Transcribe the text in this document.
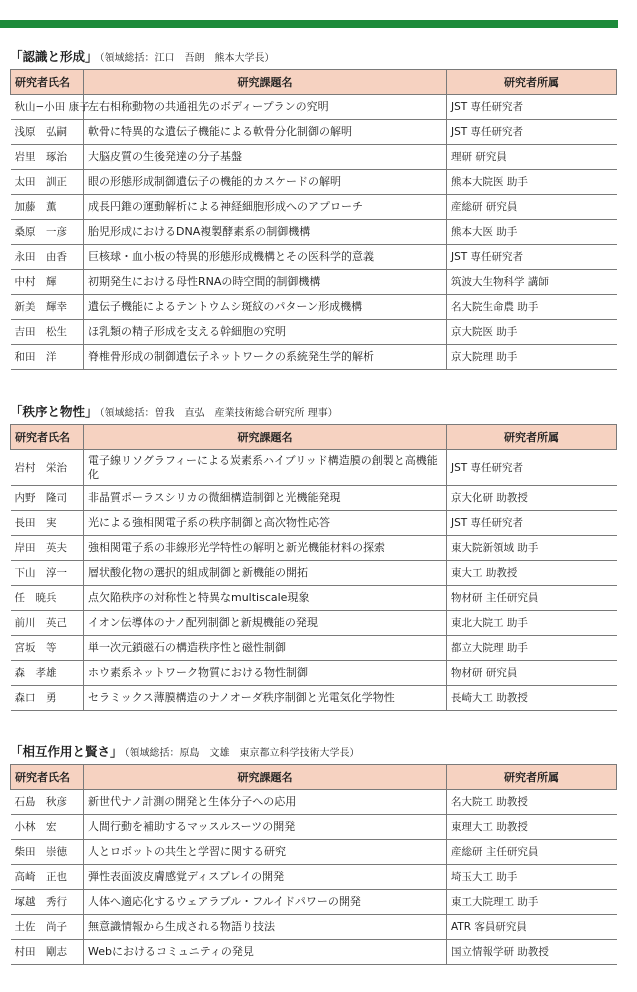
「認識と形成」 （領域総括：江口　吾朗　熊本大学長）
研究者氏名	研究課題名	研究者所属
秋山−小田 康子	左右相称動物の共通祖先のボディープランの究明	JST 専任研究者
浅原　弘嗣	軟骨に特異的な遺伝子機能による軟骨分化制御の解明	JST 専任研究者
岩里　琢治	大脳皮質の生後発達の分子基盤	理研 研究員
太田　訓正	眼の形態形成制御遺伝子の機能的カスケードの解明	熊本大院医 助手
加藤　薫	成長円錐の運動解析による神経細胞形成へのアプローチ	産総研 研究員
桑原　一彦	胎児形成におけるDNA複製酵素系の制御機構	熊本大医 助手
永田　由香	巨核球・血小板の特異的形態形成機構とその医科学的意義	JST 専任研究者
中村　輝	初期発生における母性RNAの時空間的制御機構	筑波大生物科学 講師
新美　輝幸	遺伝子機能によるテントウムシ斑紋のパターン形成機構	名大院生命農 助手
吉田　松生	ほ乳類の精子形成を支える幹細胞の究明	京大院医 助手
和田　洋	脊椎骨形成の制御遺伝子ネットワークの系統発生学的解析	京大院理 助手
「秩序と物性」 （領域総括：曽我　直弘　産業技術総合研究所 理事）
研究者氏名	研究課題名	研究者所属
岩村　栄治	電子線リソグラフィーによる炭素系ハイブリッド構造膜の創製と高機能化	JST 専任研究者
内野　隆司	非晶質ポーラスシリカの微細構造制御と光機能発現	京大化研 助教授
長田　実	光による強相関電子系の秩序制御と高次物性応答	JST 専任研究者
岸田　英夫	強相関電子系の非線形光学特性の解明と新光機能材料の探索	東大院新領域 助手
下山　淳一	層状酸化物の選択的組成制御と新機能の開拓	東大工 助教授
任　暁兵	点欠陥秩序の対称性と特異なmultiscale現象	物材研 主任研究員
前川　英己	イオン伝導体のナノ配列制御と新規機能の発現	東北大院工 助手
宮坂　等	単一次元鎖磁石の構造秩序性と磁性制御	都立大院理 助手
森　孝雄	ホウ素系ネットワーク物質における物性制御	物材研 研究員
森口　勇	セラミックス薄膜構造のナノオーダ秩序制御と光電気化学物性	長崎大工 助教授
「相互作用と賢さ」 （領域総括：原島　文雄　東京都立科学技術大学長）
研究者氏名	研究課題名	研究者所属
石島　秋彦	新世代ナノ計測の開発と生体分子への応用	名大院工 助教授
小林　宏	人間行動を補助するマッスルスーツの開発	東理大工 助教授
柴田　崇徳	人とロボットの共生と学習に関する研究	産総研 主任研究員
高崎　正也	弾性表面波皮膚感覚ディスプレイの開発	埼玉大工 助手
塚越　秀行	人体へ適応化するウェアラブル・フルイドパワーの開発	東工大院理工 助手
土佐　尚子	無意識情報から生成される物語り技法	ATR 客員研究員
村田　剛志	Webにおけるコミュニティの発見	国立情報学研 助教授
